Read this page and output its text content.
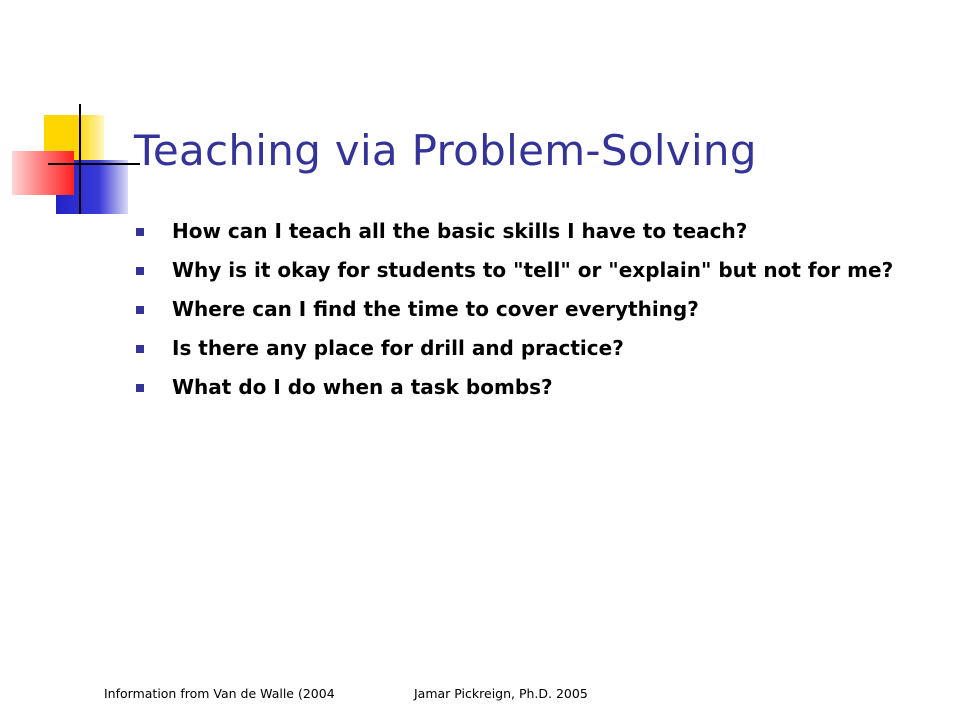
Teaching via Problem-Solving
How can I teach all the basic skills I have to teach?
Why is it okay for students to "tell" or "explain" but not for me?
Where can I find the time to cover everything?
Is there any place for drill and practice?
What do I do when a task bombs?
Information from Van de Walle (2004	Jamar Pickreign, Ph.D. 2005
